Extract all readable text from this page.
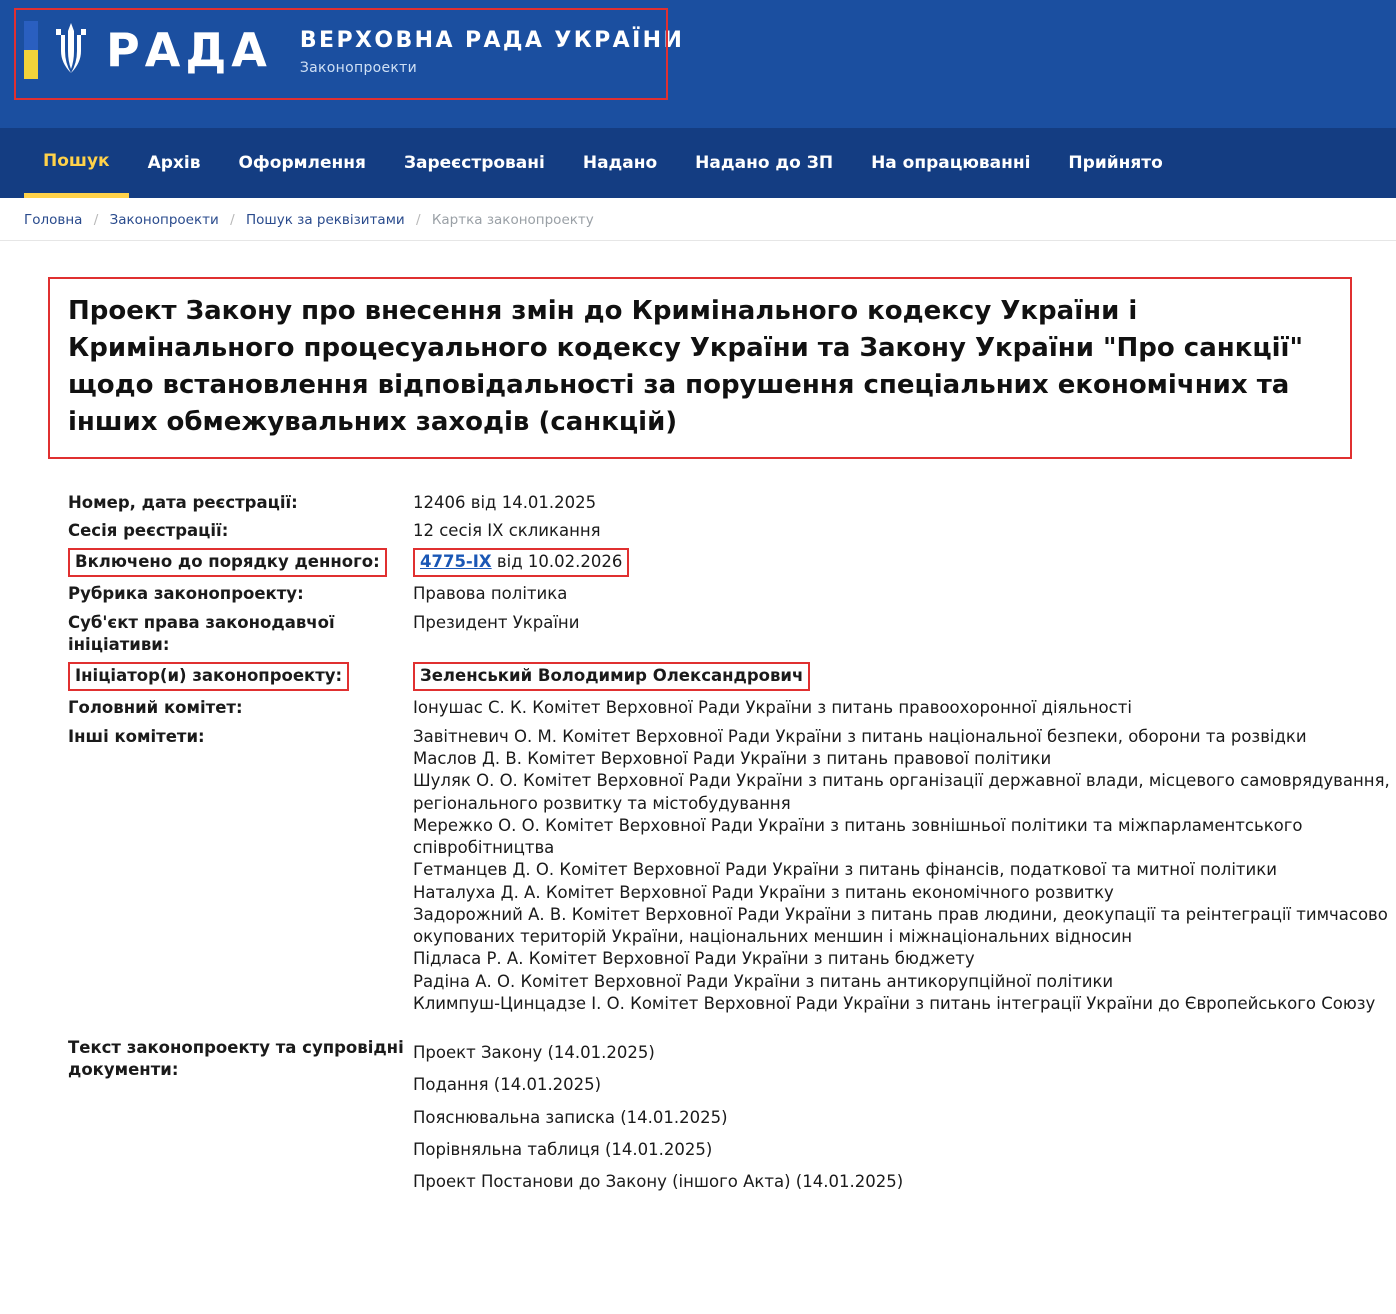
РАДА ВЕРХОВНА РАДА УКРАЇНИ
Законопроекти
Пошук	Архів	Оформлення	Зареєстровані	Надано	Надано до ЗП	На опрацюванні	Прийнято
Головна / Законопроекти / Пошук за реквізитами / Картка законопроекту
Проект Закону про внесення змін до Кримінального кодексу України і Кримінального процесуального кодексу України та Закону України "Про санкції" щодо встановлення відповідальності за порушення спеціальних економічних та інших обмежувальних заходів (санкцій)
Номер, дата реєстрації:	12406 від 14.01.2025
Сесія реєстрації:	12 сесія IX скликання
Включено до порядку денного:	4775-IX від 10.02.2026
Рубрика законопроекту:	Правова політика
Суб'єкт права законодавчої ініціативи:	Президент України
Ініціатор(и) законопроекту:	Зеленський Володимир Олександрович
Головний комітет:	Іонушас С. К. Комітет Верховної Ради України з питань правоохоронної діяльності
Інші комітети:	Завітневич О. М. Комітет Верховної Ради України з питань національної безпеки, оборони та розвідки
Маслов Д. В. Комітет Верховної Ради України з питань правової політики
Шуляк О. О. Комітет Верховної Ради України з питань організації державної влади, місцевого самоврядування, регіонального розвитку та містобудування
Мережко О. О. Комітет Верховної Ради України з питань зовнішньої політики та міжпарламентського співробітництва
Гетманцев Д. О. Комітет Верховної Ради України з питань фінансів, податкової та митної політики
Наталуха Д. А. Комітет Верховної Ради України з питань економічного розвитку
Задорожний А. В. Комітет Верховної Ради України з питань прав людини, деокупації та реінтеграції тимчасово окупованих територій України, національних меншин і міжнаціональних відносин
Підласа Р. А. Комітет Верховної Ради України з питань бюджету
Радіна А. О. Комітет Верховної Ради України з питань антикорупційної політики
Климпуш-Цинцадзе І. О. Комітет Верховної Ради України з питань інтеграції України до Європейського Союзу

Текст законопроекту та супровідні документи:	Проект Закону (14.01.2025)
Подання (14.01.2025)
Пояснювальна записка (14.01.2025)
Порівняльна таблиця (14.01.2025)
Проект Постанови до Закону (іншого Акта) (14.01.2025)
